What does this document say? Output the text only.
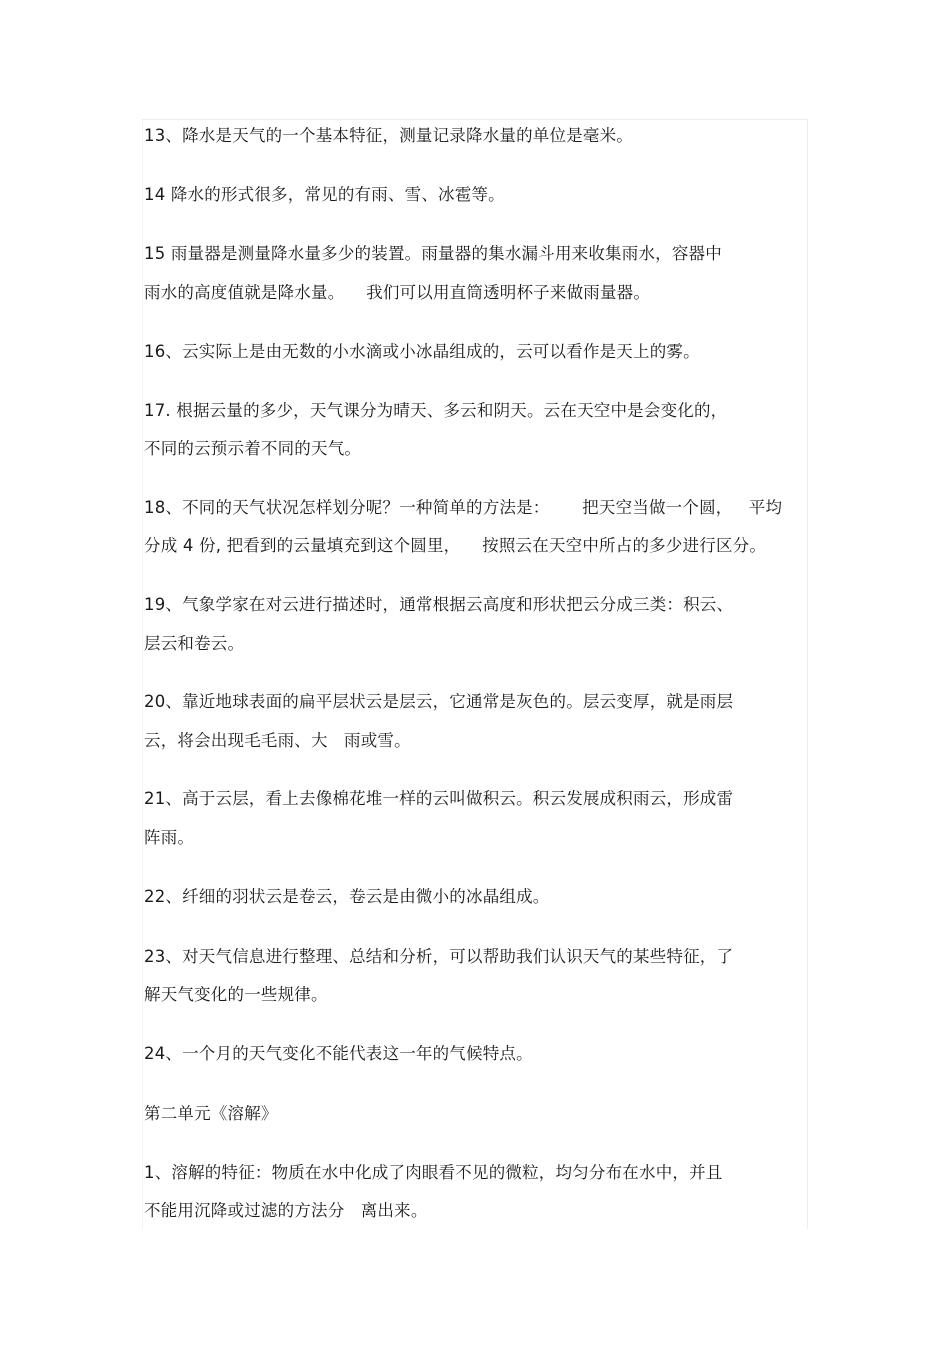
13、降水是天气的一个基本特征，测量记录降水量的单位是毫米。
14 降水的形式很多，常见的有雨、雪、冰雹等。
15 雨量器是测量降水量多少的装置。雨量器的集水漏斗用来收集雨水，容器中
雨水的高度值就是降水量。    我们可以用直筒透明杯子来做雨量器。
16、云实际上是由无数的小水滴或小冰晶组成的，云可以看作是天上的雾。
17. 根据云量的多少，天气课分为晴天、多云和阴天。云在天空中是会变化的，
不同的云预示着不同的天气。
18、不同的天气状况怎样划分呢？一种简单的方法是：      把天空当做一个圆，   平均
分成 4 份, 把看到的云量填充到这个圆里，    按照云在天空中所占的多少进行区分。
19、气象学家在对云进行描述时，通常根据云高度和形状把云分成三类：积云、
层云和卷云。
20、靠近地球表面的扁平层状云是层云，它通常是灰色的。层云变厚，就是雨层
云，将会出现毛毛雨、大   雨或雪。
21、高于云层，看上去像棉花堆一样的云叫做积云。积云发展成积雨云，形成雷
阵雨。
22、纤细的羽状云是卷云，卷云是由微小的冰晶组成。
23、对天气信息进行整理、总结和分析，可以帮助我们认识天气的某些特征，了
解天气变化的一些规律。
24、一个月的天气变化不能代表这一年的气候特点。
第二单元《溶解》
1、溶解的特征：物质在水中化成了肉眼看不见的微粒，均匀分布在水中，并且
不能用沉降或过滤的方法分   离出来。
